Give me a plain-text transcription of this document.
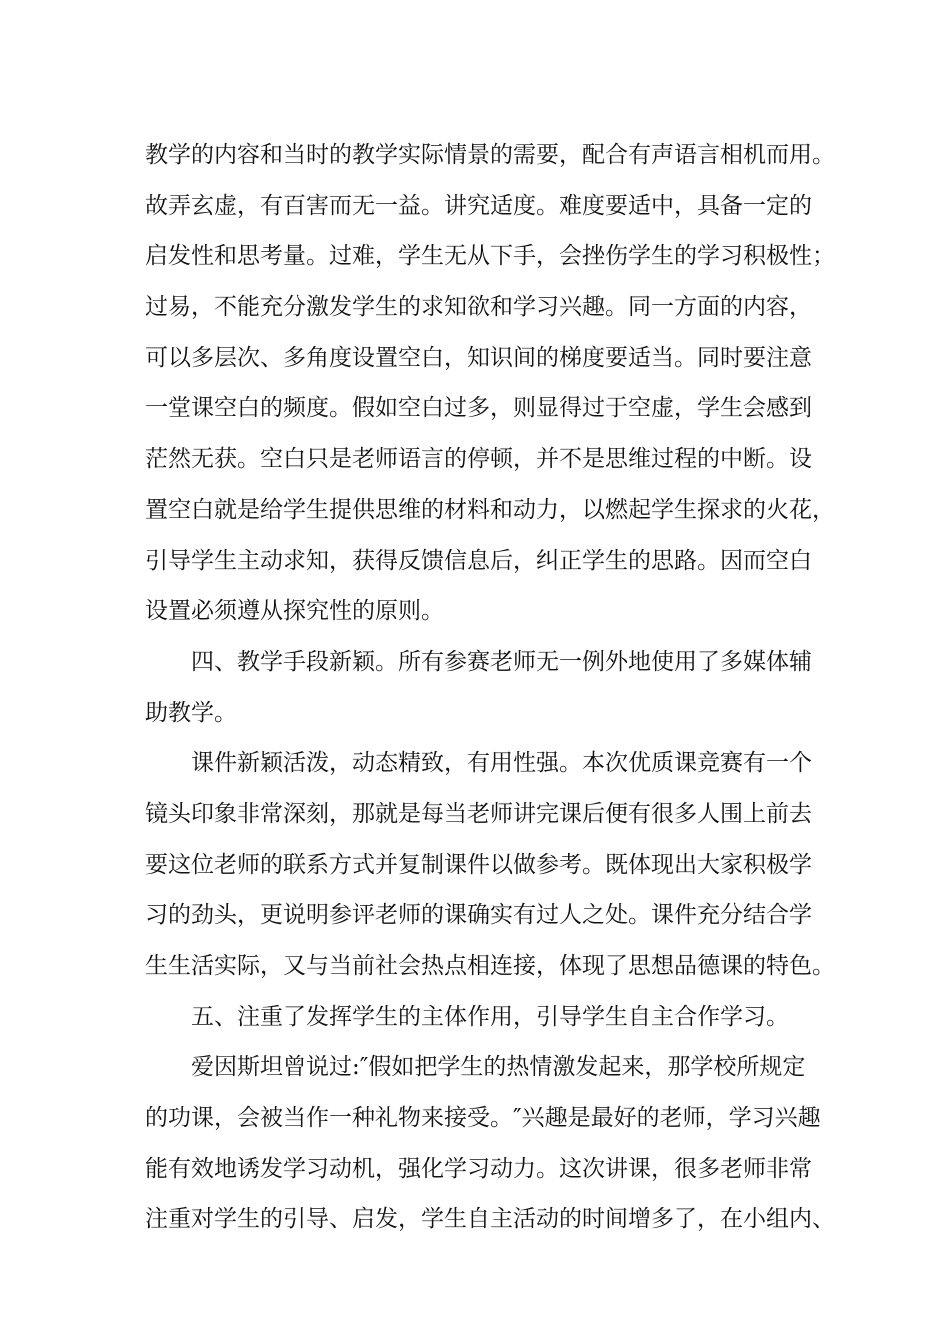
教学的内容和当时的教学实际情景的需要，配合有声语言相机而用。
故弄玄虚，有百害而无一益。讲究适度。难度要适中，具备一定的
启发性和思考量。过难，学生无从下手，会挫伤学生的学习积极性；
过易，不能充分激发学生的求知欲和学习兴趣。同一方面的内容，
可以多层次、多角度设置空白，知识间的梯度要适当。同时要注意
一堂课空白的频度。假如空白过多，则显得过于空虚，学生会感到
茫然无获。空白只是老师语言的停顿，并不是思维过程的中断。设
置空白就是给学生提供思维的材料和动力，以燃起学生探求的火花，
引导学生主动求知，获得反馈信息后，纠正学生的思路。因而空白
设置必须遵从探究性的原则。
四、教学手段新颖。所有参赛老师无一例外地使用了多媒体辅
助教学。
课件新颖活泼，动态精致，有用性强。本次优质课竞赛有一个
镜头印象非常深刻，那就是每当老师讲完课后便有很多人围上前去
要这位老师的联系方式并复制课件以做参考。既体现出大家积极学
习的劲头，更说明参评老师的课确实有过人之处。课件充分结合学
生生活实际，又与当前社会热点相连接，体现了思想品德课的特色。
五、注重了发挥学生的主体作用，引导学生自主合作学习。
爱因斯坦曾说过:″假如把学生的热情激发起来，那学校所规定
的功课，会被当作一种礼物来接受。″兴趣是最好的老师，学习兴趣
能有效地诱发学习动机，强化学习动力。这次讲课，很多老师非常
注重对学生的引导、启发，学生自主活动的时间增多了，在小组内、
